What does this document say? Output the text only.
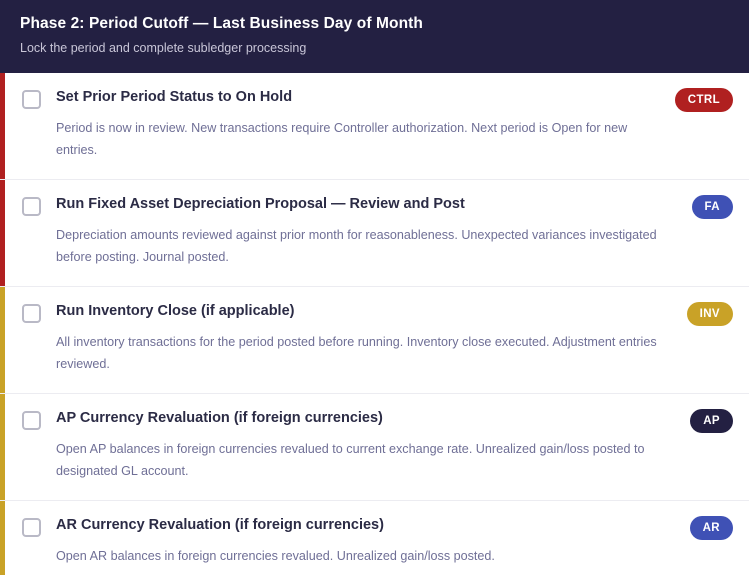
Phase 2: Period Cutoff — Last Business Day of Month
Lock the period and complete subledger processing
Set Prior Period Status to On Hold
Period is now in review. New transactions require Controller authorization. Next period is Open for new entries.
CTRL
Run Fixed Asset Depreciation Proposal — Review and Post
Depreciation amounts reviewed against prior month for reasonableness. Unexpected variances investigated before posting. Journal posted.
FA
Run Inventory Close (if applicable)
All inventory transactions for the period posted before running. Inventory close executed. Adjustment entries reviewed.
INV
AP Currency Revaluation (if foreign currencies)
Open AP balances in foreign currencies revalued to current exchange rate. Unrealized gain/loss posted to designated GL account.
AP
AR Currency Revaluation (if foreign currencies)
Open AR balances in foreign currencies revalued. Unrealized gain/loss posted.
AR
